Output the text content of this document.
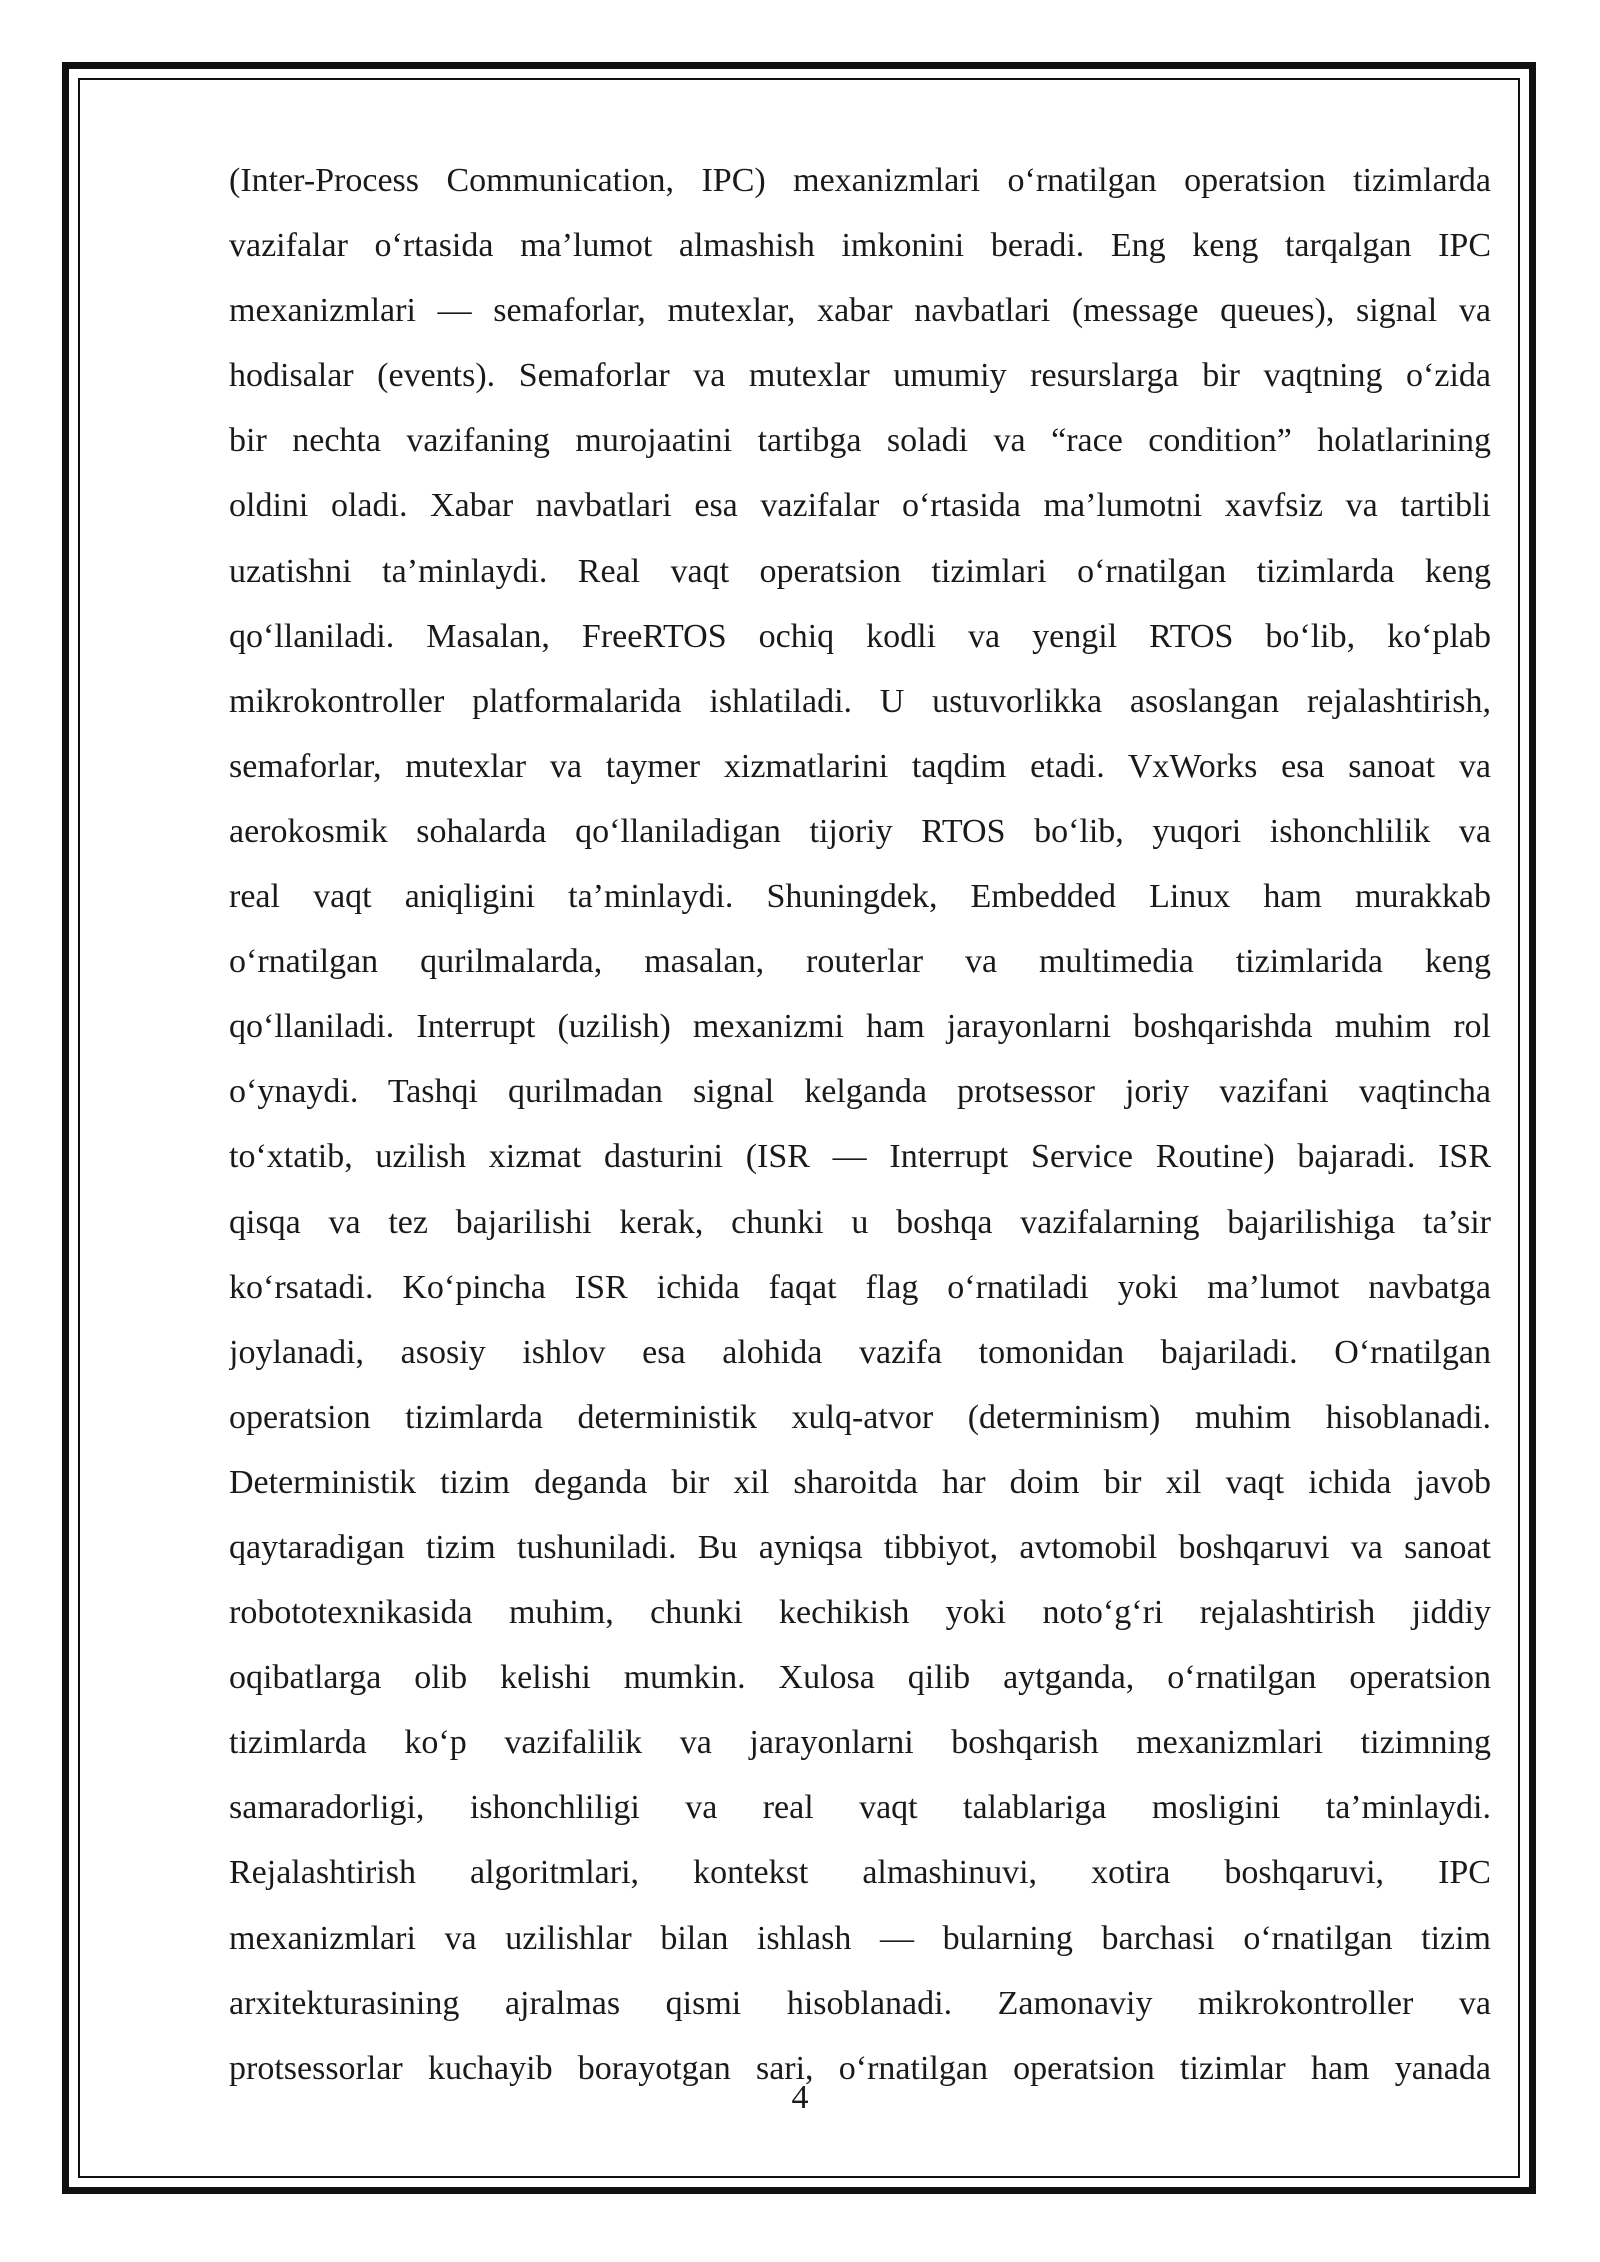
(Inter-Process Communication, IPC) mexanizmlari o‘rnatilgan operatsion tizimlarda
vazifalar o‘rtasida ma’lumot almashish imkonini beradi. Eng keng tarqalgan IPC
mexanizmlari — semaforlar, mutexlar, xabar navbatlari (message queues), signal va
hodisalar (events). Semaforlar va mutexlar umumiy resurslarga bir vaqtning o‘zida
bir nechta vazifaning murojaatini tartibga soladi va “race condition” holatlarining
oldini oladi. Xabar navbatlari esa vazifalar o‘rtasida ma’lumotni xavfsiz va tartibli
uzatishni ta’minlaydi. Real vaqt operatsion tizimlari o‘rnatilgan tizimlarda keng
qo‘llaniladi. Masalan, FreeRTOS ochiq kodli va yengil RTOS bo‘lib, ko‘plab
mikrokontroller platformalarida ishlatiladi. U ustuvorlikka asoslangan rejalashtirish,
semaforlar, mutexlar va taymer xizmatlarini taqdim etadi. VxWorks esa sanoat va
aerokosmik sohalarda qo‘llaniladigan tijoriy RTOS bo‘lib, yuqori ishonchlilik va
real vaqt aniqligini ta’minlaydi. Shuningdek, Embedded Linux ham murakkab
o‘rnatilgan qurilmalarda, masalan, routerlar va multimedia tizimlarida keng
qo‘llaniladi. Interrupt (uzilish) mexanizmi ham jarayonlarni boshqarishda muhim rol
o‘ynaydi. Tashqi qurilmadan signal kelganda protsessor joriy vazifani vaqtincha
to‘xtatib, uzilish xizmat dasturini (ISR — Interrupt Service Routine) bajaradi. ISR
qisqa va tez bajarilishi kerak, chunki u boshqa vazifalarning bajarilishiga ta’sir
ko‘rsatadi. Ko‘pincha ISR ichida faqat flag o‘rnatiladi yoki ma’lumot navbatga
joylanadi, asosiy ishlov esa alohida vazifa tomonidan bajariladi. O‘rnatilgan
operatsion tizimlarda deterministik xulq-atvor (determinism) muhim hisoblanadi.
Deterministik tizim deganda bir xil sharoitda har doim bir xil vaqt ichida javob
qaytaradigan tizim tushuniladi. Bu ayniqsa tibbiyot, avtomobil boshqaruvi va sanoat
robototexnikasida muhim, chunki kechikish yoki noto‘g‘ri rejalashtirish jiddiy
oqibatlarga olib kelishi mumkin. Xulosa qilib aytganda, o‘rnatilgan operatsion
tizimlarda ko‘p vazifalilik va jarayonlarni boshqarish mexanizmlari tizimning
samaradorligi, ishonchliligi va real vaqt talablariga mosligini ta’minlaydi.
Rejalashtirish algoritmlari, kontekst almashinuvi, xotira boshqaruvi, IPC
mexanizmlari va uzilishlar bilan ishlash — bularning barchasi o‘rnatilgan tizim
arxitekturasining ajralmas qismi hisoblanadi. Zamonaviy mikrokontroller va
protsessorlar kuchayib borayotgan sari, o‘rnatilgan operatsion tizimlar ham yanada
4
